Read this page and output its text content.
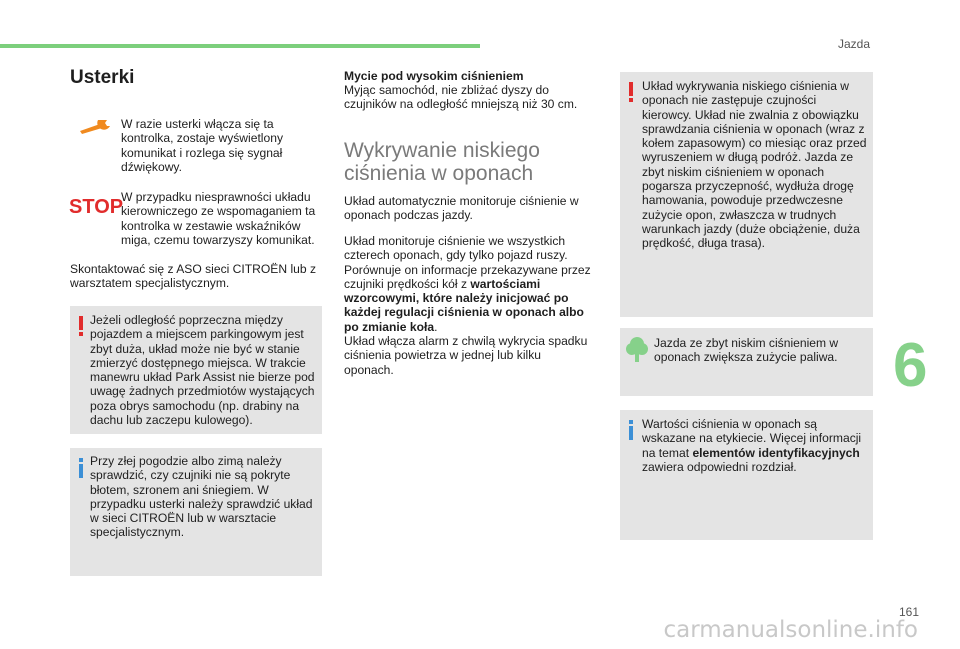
Jazda
6
161
carmanualsonline.info
Usterki

W razie usterki włącza się ta kontrolka, zostaje wyświetlony komunikat i rozlega się sygnał dźwiękowy.

STOP

W przypadku niesprawności układu kierowniczego ze wspomaganiem ta kontrolka w zestawie wskaźników miga, czemu towarzyszy komunikat.

Skontaktować się z ASO sieci CITROËN lub z warsztatem specjalistycznym.

Jeżeli odległość poprzeczna między pojazdem a miejscem parkingowym jest zbyt duża, układ może nie być w stanie zmierzyć dostępnego miejsca. W trakcie manewru układ Park Assist nie bierze pod uwagę żadnych przedmiotów wystających poza obrys samochodu (np. drabiny na dachu lub zaczepu kulowego).

Przy złej pogodzie albo zimą należy sprawdzić, czy czujniki nie są pokryte błotem, szronem ani śniegiem. W przypadku usterki należy sprawdzić układ w sieci CITROËN lub w warsztacie specjalistycznym.

Mycie pod wysokim ciśnieniem

Myjąc samochód, nie zbliżać dyszy do czujników na odległość mniejszą niż 30 cm.

Wykrywanie niskiego ciśnienia w oponach

Układ automatycznie monitoruje ciśnienie w oponach podczas jazdy.

Układ monitoruje ciśnienie we wszystkich czterech oponach, gdy tylko pojazd ruszy. Porównuje on informacje przekazywane przez czujniki prędkości kół z wartościami wzorcowymi, które należy inicjować po każdej regulacji ciśnienia w oponach albo po zmianie koła.
Układ włącza alarm z chwilą wykrycia spadku ciśnienia powietrza w jednej lub kilku oponach.

Układ wykrywania niskiego ciśnienia w oponach nie zastępuje czujności kierowcy. Układ nie zwalnia z obowiązku sprawdzania ciśnienia w oponach (wraz z kołem zapasowym) co miesiąc oraz przed wyruszeniem w długą podróż. Jazda ze zbyt niskim ciśnieniem w oponach pogarsza przyczepność, wydłuża drogę hamowania, powoduje przedwczesne zużycie opon, zwłaszcza w trudnych warunkach jazdy (duże obciążenie, duża prędkość, długa trasa).

Jazda ze zbyt niskim ciśnieniem w oponach zwiększa zużycie paliwa.

Wartości ciśnienia w oponach są wskazane na etykiecie. Więcej informacji na temat elementów identyfikacyjnych zawiera odpowiedni rozdział.
